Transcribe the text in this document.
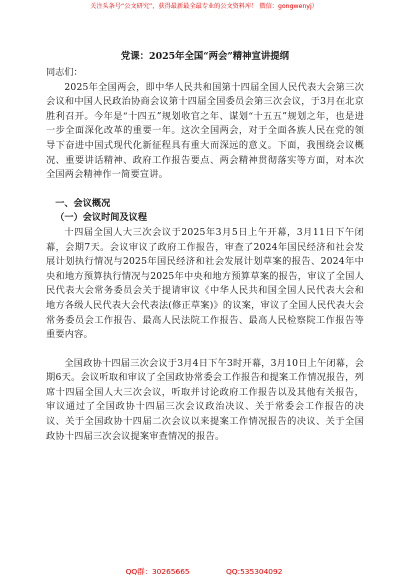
关注头条号“公文研究”，获得最新最全最专业的公文资料库！ 微信：gongwenyj）
党课：2025年全国“两会”精神宣讲提纲
同志们：

2025年全国两会，即中华人民共和国第十四届全国人民代表大会第三次会议和中国人民政治协商会议第十四届全国委员会第三次会议，于3月在北京胜利召开。今年是“十四五”规划收官之年、谋划“十五五”规划之年，也是进一步全面深化改革的重要一年。这次全国两会，对于全面各族人民在党的领导下奋进中国式现代化新征程具有重大而深远的意义。下面，我围绕会议概况、重要讲话精神、政府工作报告要点、两会精神贯彻落实等方面，对本次全国两会精神作一简要宣讲。

一、会议概况
（一）会议时间及议程

十四届全国人大三次会议于2025年3月5日上午开幕，3月11日下午闭幕，会期7天。会议审议了政府工作报告，审查了2024年国民经济和社会发展计划执行情况与2025年国民经济和社会发展计划草案的报告、2024年中央和地方预算执行情况与2025年中央和地方预算草案的报告，审议了全国人民代表大会常务委员会关于提请审议《中华人民共和国全国人民代表大会和地方各级人民代表大会代表法(修正草案)》的议案，审议了全国人民代表大会常务委员会工作报告、最高人民法院工作报告、最高人民检察院工作报告等重要内容。

全国政协十四届三次会议于3月4日下午3时开幕，3月10日上午闭幕，会期6天。会议听取和审议了全国政协常委会工作报告和提案工作情况报告，列席十四届全国人大三次会议，听取并讨论政府工作报告以及其他有关报告，审议通过了全国政协十四届三次会议政治决议、关于常委会工作报告的决议、关于全国政协十四届二次会议以来提案工作情况报告的决议、关于全国政协十四届三次会议提案审查情况的报告。

QQ群：30265665	QQ:535304092
